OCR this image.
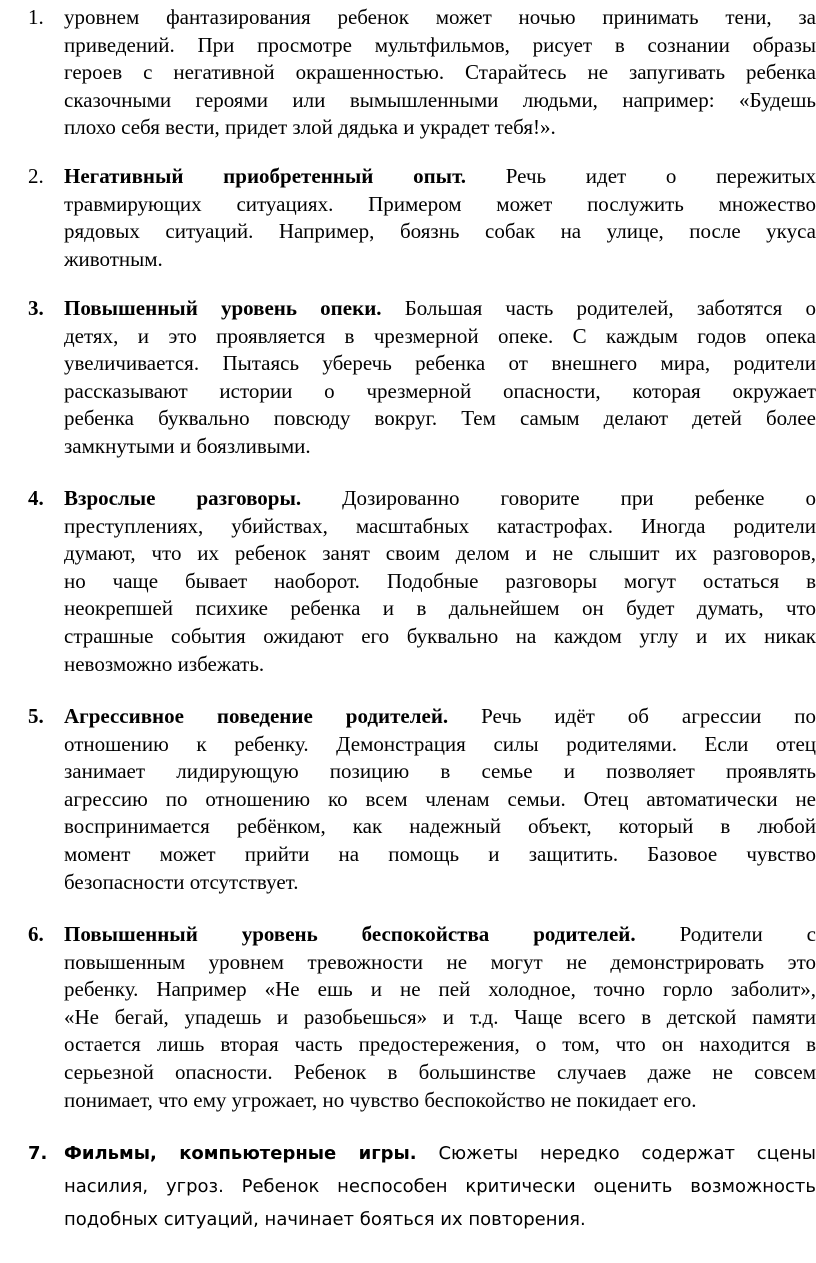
1. уровнем фантазирования ребенок может ночью принимать тени, за
приведений. При просмотре мультфильмов, рисует в сознании образы
героев с негативной окрашенностью. Старайтесь не запугивать ребенка
сказочными героями или вымышленными людьми, например: «Будешь
плохо себя вести, придет злой дядька и украдет тебя!».
2. Негативный приобретенный опыт. Речь идет о пережитых
травмирующих ситуациях. Примером может послужить множество
рядовых ситуаций. Например, боязнь собак на улице, после укуса
животным.
3. Повышенный уровень опеки. Большая часть родителей, заботятся о
детях, и это проявляется в чрезмерной опеке. С каждым годов опека
увеличивается. Пытаясь уберечь ребенка от внешнего мира, родители
рассказывают истории о чрезмерной опасности, которая окружает
ребенка буквально повсюду вокруг. Тем самым делают детей более
замкнутыми и боязливыми.
4. Взрослые разговоры. Дозированно говорите при ребенке о
преступлениях, убийствах, масштабных катастрофах. Иногда родители
думают, что их ребенок занят своим делом и не слышит их разговоров,
но чаще бывает наоборот. Подобные разговоры могут остаться в
неокрепшей психике ребенка и в дальнейшем он будет думать, что
страшные события ожидают его буквально на каждом углу и их никак
невозможно избежать.
5. Агрессивное поведение родителей. Речь идёт об агрессии по
отношению к ребенку. Демонстрация силы родителями. Если отец
занимает лидирующую позицию в семье и позволяет проявлять
агрессию по отношению ко всем членам семьи. Отец автоматически не
воспринимается ребёнком, как надежный объект, который в любой
момент может прийти на помощь и защитить. Базовое чувство
безопасности отсутствует.
6. Повышенный уровень беспокойства родителей. Родители с
повышенным уровнем тревожности не могут не демонстрировать это
ребенку. Например «Не ешь и не пей холодное, точно горло заболит»,
«Не бегай, упадешь и разобьешься» и т.д. Чаще всего в детской памяти
остается лишь вторая часть предостережения, о том, что он находится в
серьезной опасности. Ребенок в большинстве случаев даже не совсем
понимает, что ему угрожает, но чувство беспокойство не покидает его.
7. Фильмы, компьютерные игры. Сюжеты нередко содержат сцены
насилия, угроз. Ребенок неспособен критически оценить возможность
подобных ситуаций, начинает бояться их повторения.
